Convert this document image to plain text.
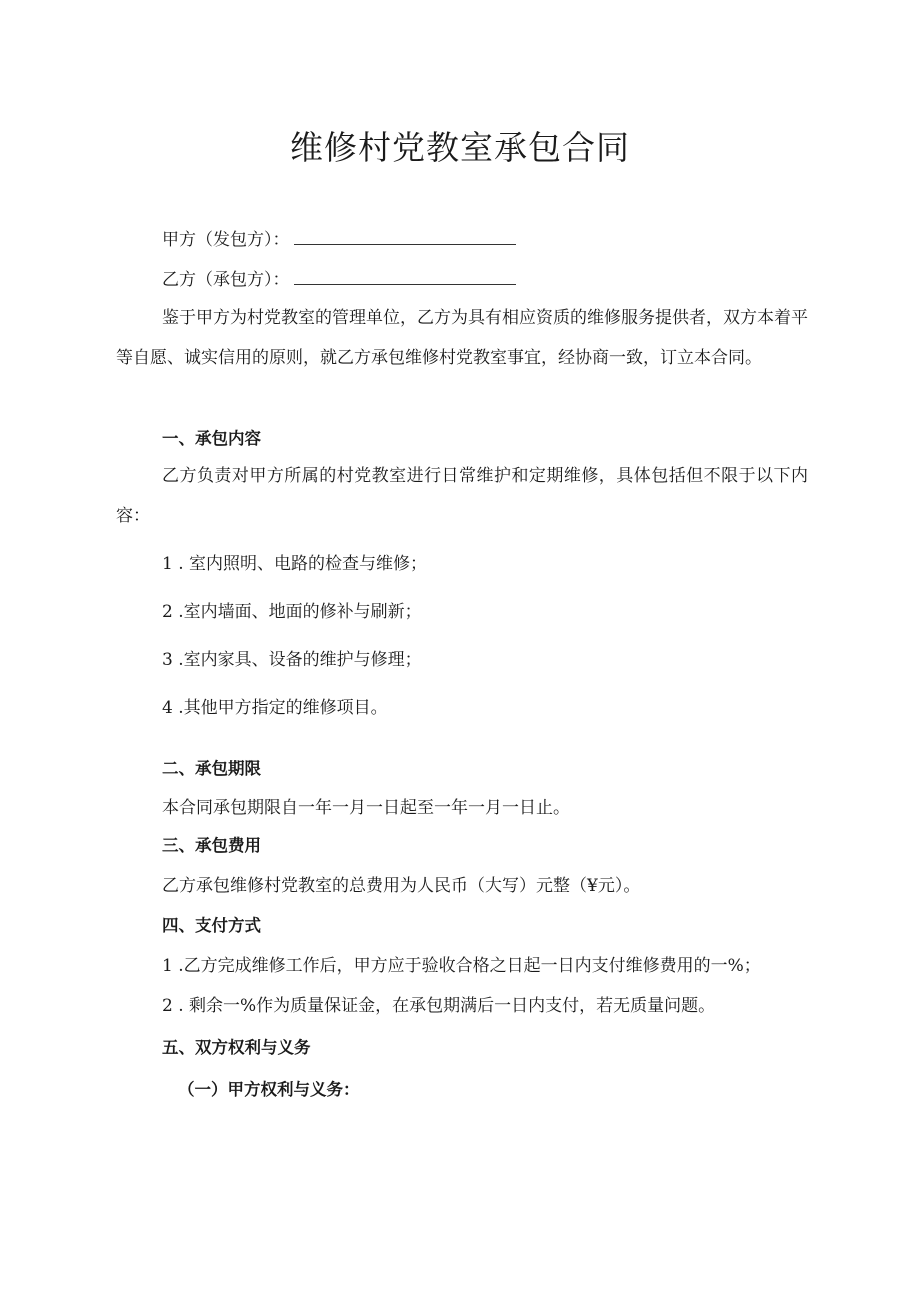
维修村党教室承包合同
甲方（发包方）：
乙方（承包方）：

鉴于甲方为村党教室的管理单位，乙方为具有相应资质的维修服务提供者，双方本着平等自愿、诚实信用的原则，就乙方承包维修村党教室事宜，经协商一致，订立本合同。

一、承包内容

乙方负责对甲方所属的村党教室进行日常维护和定期维修，具体包括但不限于以下内容：

1 . 室内照明、电路的检查与维修；
2 .室内墙面、地面的修补与刷新；
3 .室内家具、设备的维护与修理；
4 .其他甲方指定的维修项目。
二、承包期限
本合同承包期限自一年一月一日起至一年一月一日止。
三、承包费用
乙方承包维修村党教室的总费用为人民币（大写）元整（¥元）。
四、支付方式
1 .乙方完成维修工作后，甲方应于验收合格之日起一日内支付维修费用的一%；
2 . 剩余一%作为质量保证金，在承包期满后一日内支付，若无质量问题。
五、双方权利与义务
（一）甲方权利与义务：
